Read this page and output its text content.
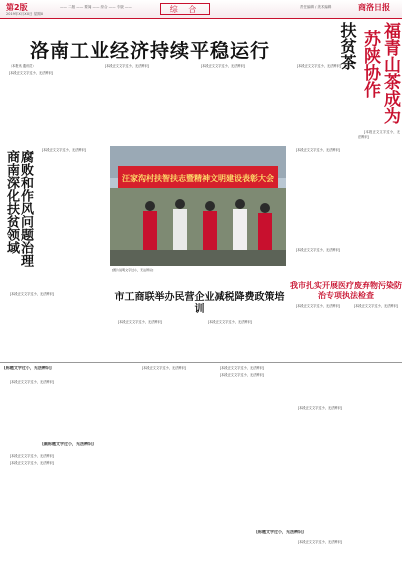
第2版
2019年X月XX日 星期X
—— 二版 —— 要闻 —— 综合 —— 专版 ——	综 合	责任编辑 / 美术编辑	商洛日报
洛南工业经济持续平稳运行

（本报讯 通讯员）

[本段正文文字过小，无法辨识]

[本段正文文字过小，无法辨识]	[本段正文文字过小，无法辨识]	[本段正文文字过小，无法辨识]	福青山茶成为
苏陕协作
扶贫茶

[本段正文文字过小，无法辨识]

[本段正文文字过小，无法辨识]

[本段正文文字过小，无法辨识]

商南深化扶贫领域 腐败和作风问题治理	[本段正文文字过小，无法辨识]

[本段正文文字过小，无法辨识]

汪家沟村扶智扶志暨精神文明建设表彰大会
[图片说明文字过小，无法辨识]
我市扎实开展医疗废弃物污染防治专项执法检查

[本段正文文字过小，无法辨识]	[本段正文文字过小，无法辨识]

市工商联举办民营企业减税降费政策培训

[本段正文文字过小，无法辨识]	[本段正文文字过小，无法辨识]

[标题文字过小，无法辨识]

[本段正文文字过小，无法辨识]

[副标题文字过小，无法辨识]

[本段正文文字过小，无法辨识]

[本段正文文字过小，无法辨识]

[本段正文文字过小，无法辨识]	[本段正文文字过小，无法辨识]

[本段正文文字过小，无法辨识]

[本段正文文字过小，无法辨识]

[标题文字过小，无法辨识]

[本段正文文字过小，无法辨识]
